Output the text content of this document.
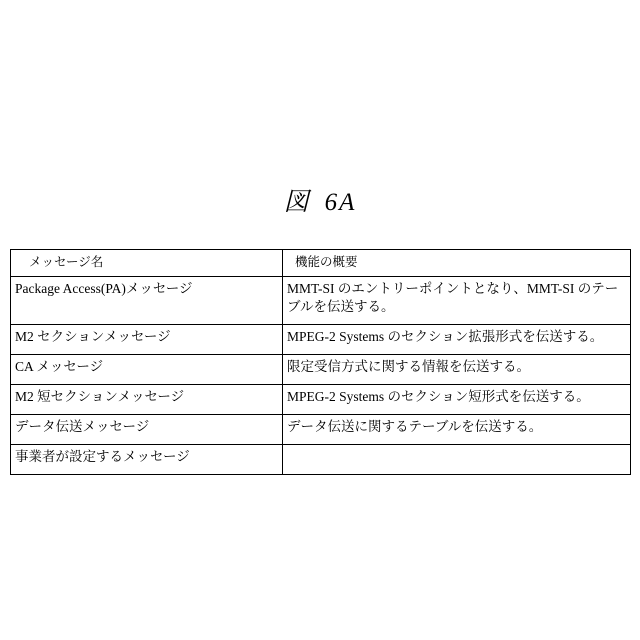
図 6A
メッセージ名	機能の概要
Package Access(PA)メッセージ	MMT-SI のエントリーポイントとなり、MMT-SI のテーブルを伝送する。
M2 セクションメッセージ	MPEG-2 Systems のセクション拡張形式を伝送する。
CA メッセージ	限定受信方式に関する情報を伝送する。
M2 短セクションメッセージ	MPEG-2 Systems のセクション短形式を伝送する。
データ伝送メッセージ	データ伝送に関するテーブルを伝送する。
事業者が設定するメッセージ	
